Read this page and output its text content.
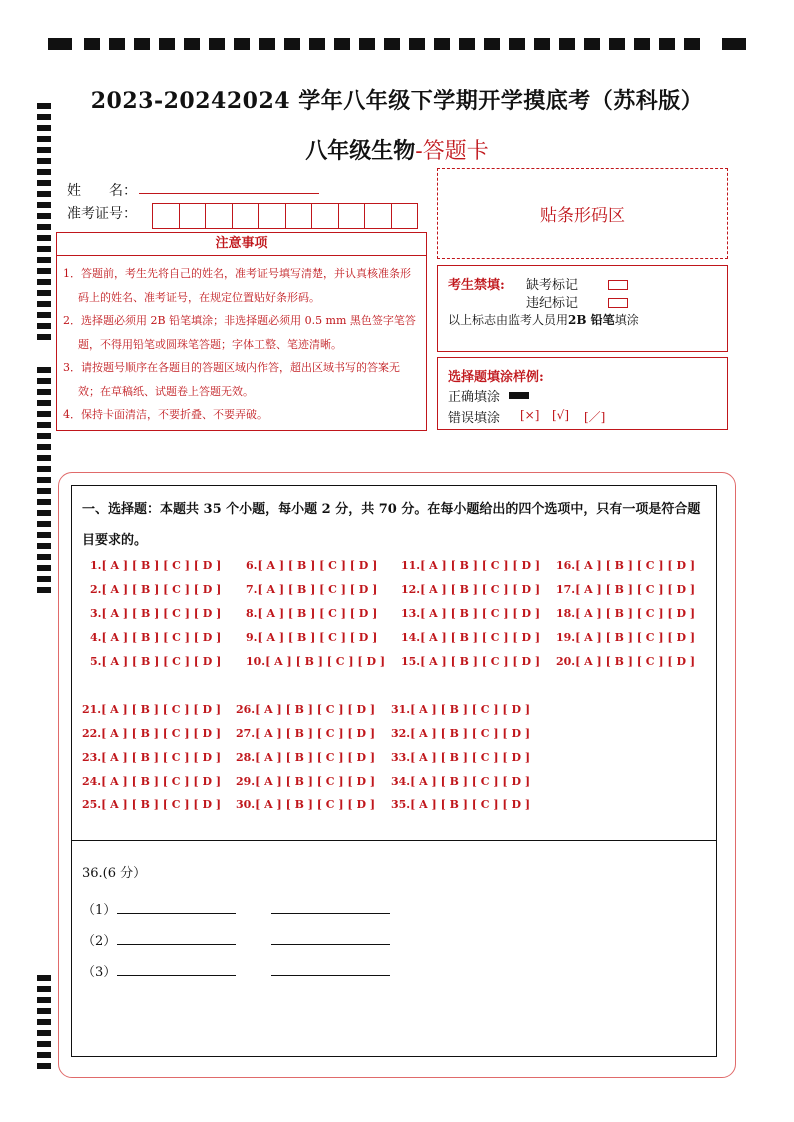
2023-20242024 学年八年级下学期开学摸底考（苏科版）
八年级生物-答题卡
姓　　名：
准考证号：	贴条形码区
注意事项
1．答题前，考生先将自己的姓名，准考证号填写清楚，并认真核准条形码上的姓名、准考证号，在规定位置贴好条形码。
2．选择题必须用 2B 铅笔填涂；非选择题必须用 0.5 mm 黑色签字笔答题，不得用铅笔或圆珠笔答题；字体工整、笔迹清晰。
3．请按题号顺序在各题目的答题区域内作答，超出区域书写的答案无效；在草稿纸、试题卷上答题无效。
4．保持卡面清洁，不要折叠、不要弄破。
考生禁填: 缺考标记
违纪标记
以上标志由监考人员用2B 铅笔填涂
选择题填涂样例:
正确填涂
错误填涂 [×] [√] [／]
一、选择题：本题共 35 个小题，每小题 2 分，共 70 分。在每小题给出的四个选项中，只有一项是符合题目要求的。
1.[ A ] [ B ] [ C ] [ D ]
2.[ A ] [ B ] [ C ] [ D ]
3.[ A ] [ B ] [ C ] [ D ]
4.[ A ] [ B ] [ C ] [ D ]
5.[ A ] [ B ] [ C ] [ D ]
6.[ A ] [ B ] [ C ] [ D ]
7.[ A ] [ B ] [ C ] [ D ]
8.[ A ] [ B ] [ C ] [ D ]
9.[ A ] [ B ] [ C ] [ D ]
10.[ A ] [ B ] [ C ] [ D ]
11.[ A ] [ B ] [ C ] [ D ]
12.[ A ] [ B ] [ C ] [ D ]
13.[ A ] [ B ] [ C ] [ D ]
14.[ A ] [ B ] [ C ] [ D ]
15.[ A ] [ B ] [ C ] [ D ]
16.[ A ] [ B ] [ C ] [ D ]
17.[ A ] [ B ] [ C ] [ D ]
18.[ A ] [ B ] [ C ] [ D ]
19.[ A ] [ B ] [ C ] [ D ]
20.[ A ] [ B ] [ C ] [ D ]
21.[ A ] [ B ] [ C ] [ D ]
22.[ A ] [ B ] [ C ] [ D ]
23.[ A ] [ B ] [ C ] [ D ]
24.[ A ] [ B ] [ C ] [ D ]
25.[ A ] [ B ] [ C ] [ D ]
26.[ A ] [ B ] [ C ] [ D ]
27.[ A ] [ B ] [ C ] [ D ]
28.[ A ] [ B ] [ C ] [ D ]
29.[ A ] [ B ] [ C ] [ D ]
30.[ A ] [ B ] [ C ] [ D ]
31.[ A ] [ B ] [ C ] [ D ]
32.[ A ] [ B ] [ C ] [ D ]
33.[ A ] [ B ] [ C ] [ D ]
34.[ A ] [ B ] [ C ] [ D ]
35.[ A ] [ B ] [ C ] [ D ]
36.(6 分）
（1）
（2）
（3）
